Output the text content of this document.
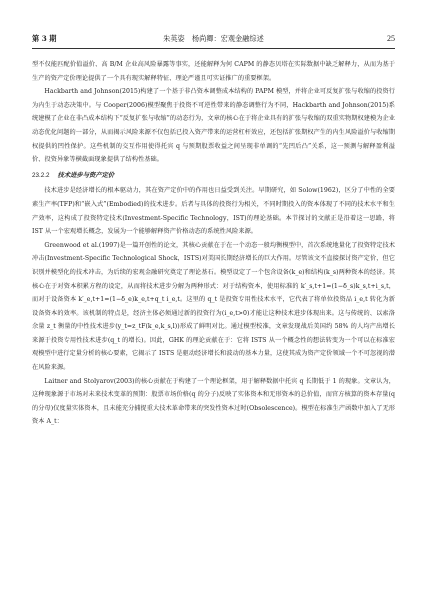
第 3 期	朱英姿　杨尚卿：宏观金融综述	25

型不仅能匹配价值溢价、高 B/M 企业高风险暴露等事实，还能解释为何 CAPM 的静态贝塔在实际数据中缺乏解释力，从而为基于生产的资产定价理论提供了一个具有现实解释特征、理论严谨且可实证推广的重要框架。

Hackbarth and Johnson(2015)构建了一个基于非凸资本调整成本结构的 PAPM 模型，并将企业可反复扩张与收缩的投资行为内生于动态决策中。与 Cooper(2006)模型聚焦于投资不可逆性带来的静态调整行为不同，Hackbarth and Johnson(2015)系统建模了企业在非凸成本结构下“反复扩张与收缩”的动态行为，文章的核心在于将企业具有的扩张与收缩的双重实物期权建模为企业动态优化问题的一部分，从而揭示风险来源不仅包括已投入资产带来的运营杠杆效应，还包括扩张期权产生的内生风险溢价与收缩期权提供的凹性保护。这些机制的交互作用使得托宾 q 与预期股票收益之间呈现非单调的“先凹后凸”关系，这一预测与解释盈利溢价、投资异象等横截面现象提供了结构性基础。

23.2.2 技术进步与资产定价

技术进步是经济增长的根本驱动力，其在资产定价中的作用也日益受到关注。早期研究，如 Solow(1962)，区分了中性的全要素生产率(TFP)和“嵌入式”(Embodied)的技术进步。后者与具体的投资行为相关，不同时期投入的资本体现了不同的技术水平和生产效率，这构成了投资特定技术(Investment-Specific Technology，IST)的理论基础。本节探讨的文献正是沿着这一思路，将 IST 从一个宏观增长概念，发展为一个能够解释资产价格动态的系统性风险来源。

Greenwood et al.(1997)是一篇开创性的论文，其核心贡献在于在一个动态一般均衡模型中，首次系统地量化了投资特定技术冲击(Investment-Specific Technological Shock，ISTS)对美国长期经济增长的巨大作用。尽管该文不直接探讨资产定价，但它识别并模型化的技术冲击，为后续的宏观金融研究奠定了理论基石。模型设定了一个包含设备(k_e)和结构(k_s)两种资本的经济。其核心在于对资本积累方程的设定，从而将技术进步分解为两种形式：对于结构资本，使用标准的 k′_s,t+1=(1−δ_s)k_s,t+i_s,t，而对于设备资本 k′_e,t+1=(1−δ_e)k_e,t+q_t i_e,t。这里的 q_t 是投资专用性技术水平，它代表了将单位投资品 i_e,t 转化为新设备资本的效率。该机制的特点是，经济主体必须通过新的投资行为(i_e,t>0)才能让这种技术进步体现出来。这与传统的、以索洛余量 z_t 衡量的中性技术进步(y_t=z_tF(k_e,k_s,l))形成了鲜明对比。通过模型校准，文章发现战后美国约 58% 的人均产出增长来源于投资专用性技术进步(q_t 的增长)。因此，GHK 的理论贡献在于：它将 ISTS 从一个概念性的想法转变为一个可以在标准宏观模型中进行定量分析的核心要素，它揭示了 ISTS 是驱动经济增长和波动的基本力量，这使其成为资产定价领域一个不可忽视的潜在风险来源。

Laitner and Stolyarov(2003)的核心贡献在于构建了一个理论框架，用于解释数据中托宾 q 长期低于 1 的现象。文章认为，这种现象源于市场对未来技术变革的预期：股票市场价格(q 的分子)反映了实体资本和无形资本的总价值，而官方核算的资本存量(q 的分母)仅度量实体资本，且未能充分捕捉重大技术革命带来的突发性资本过时(Obsolescence)。模型在标准生产函数中加入了无形资本 A_t：
